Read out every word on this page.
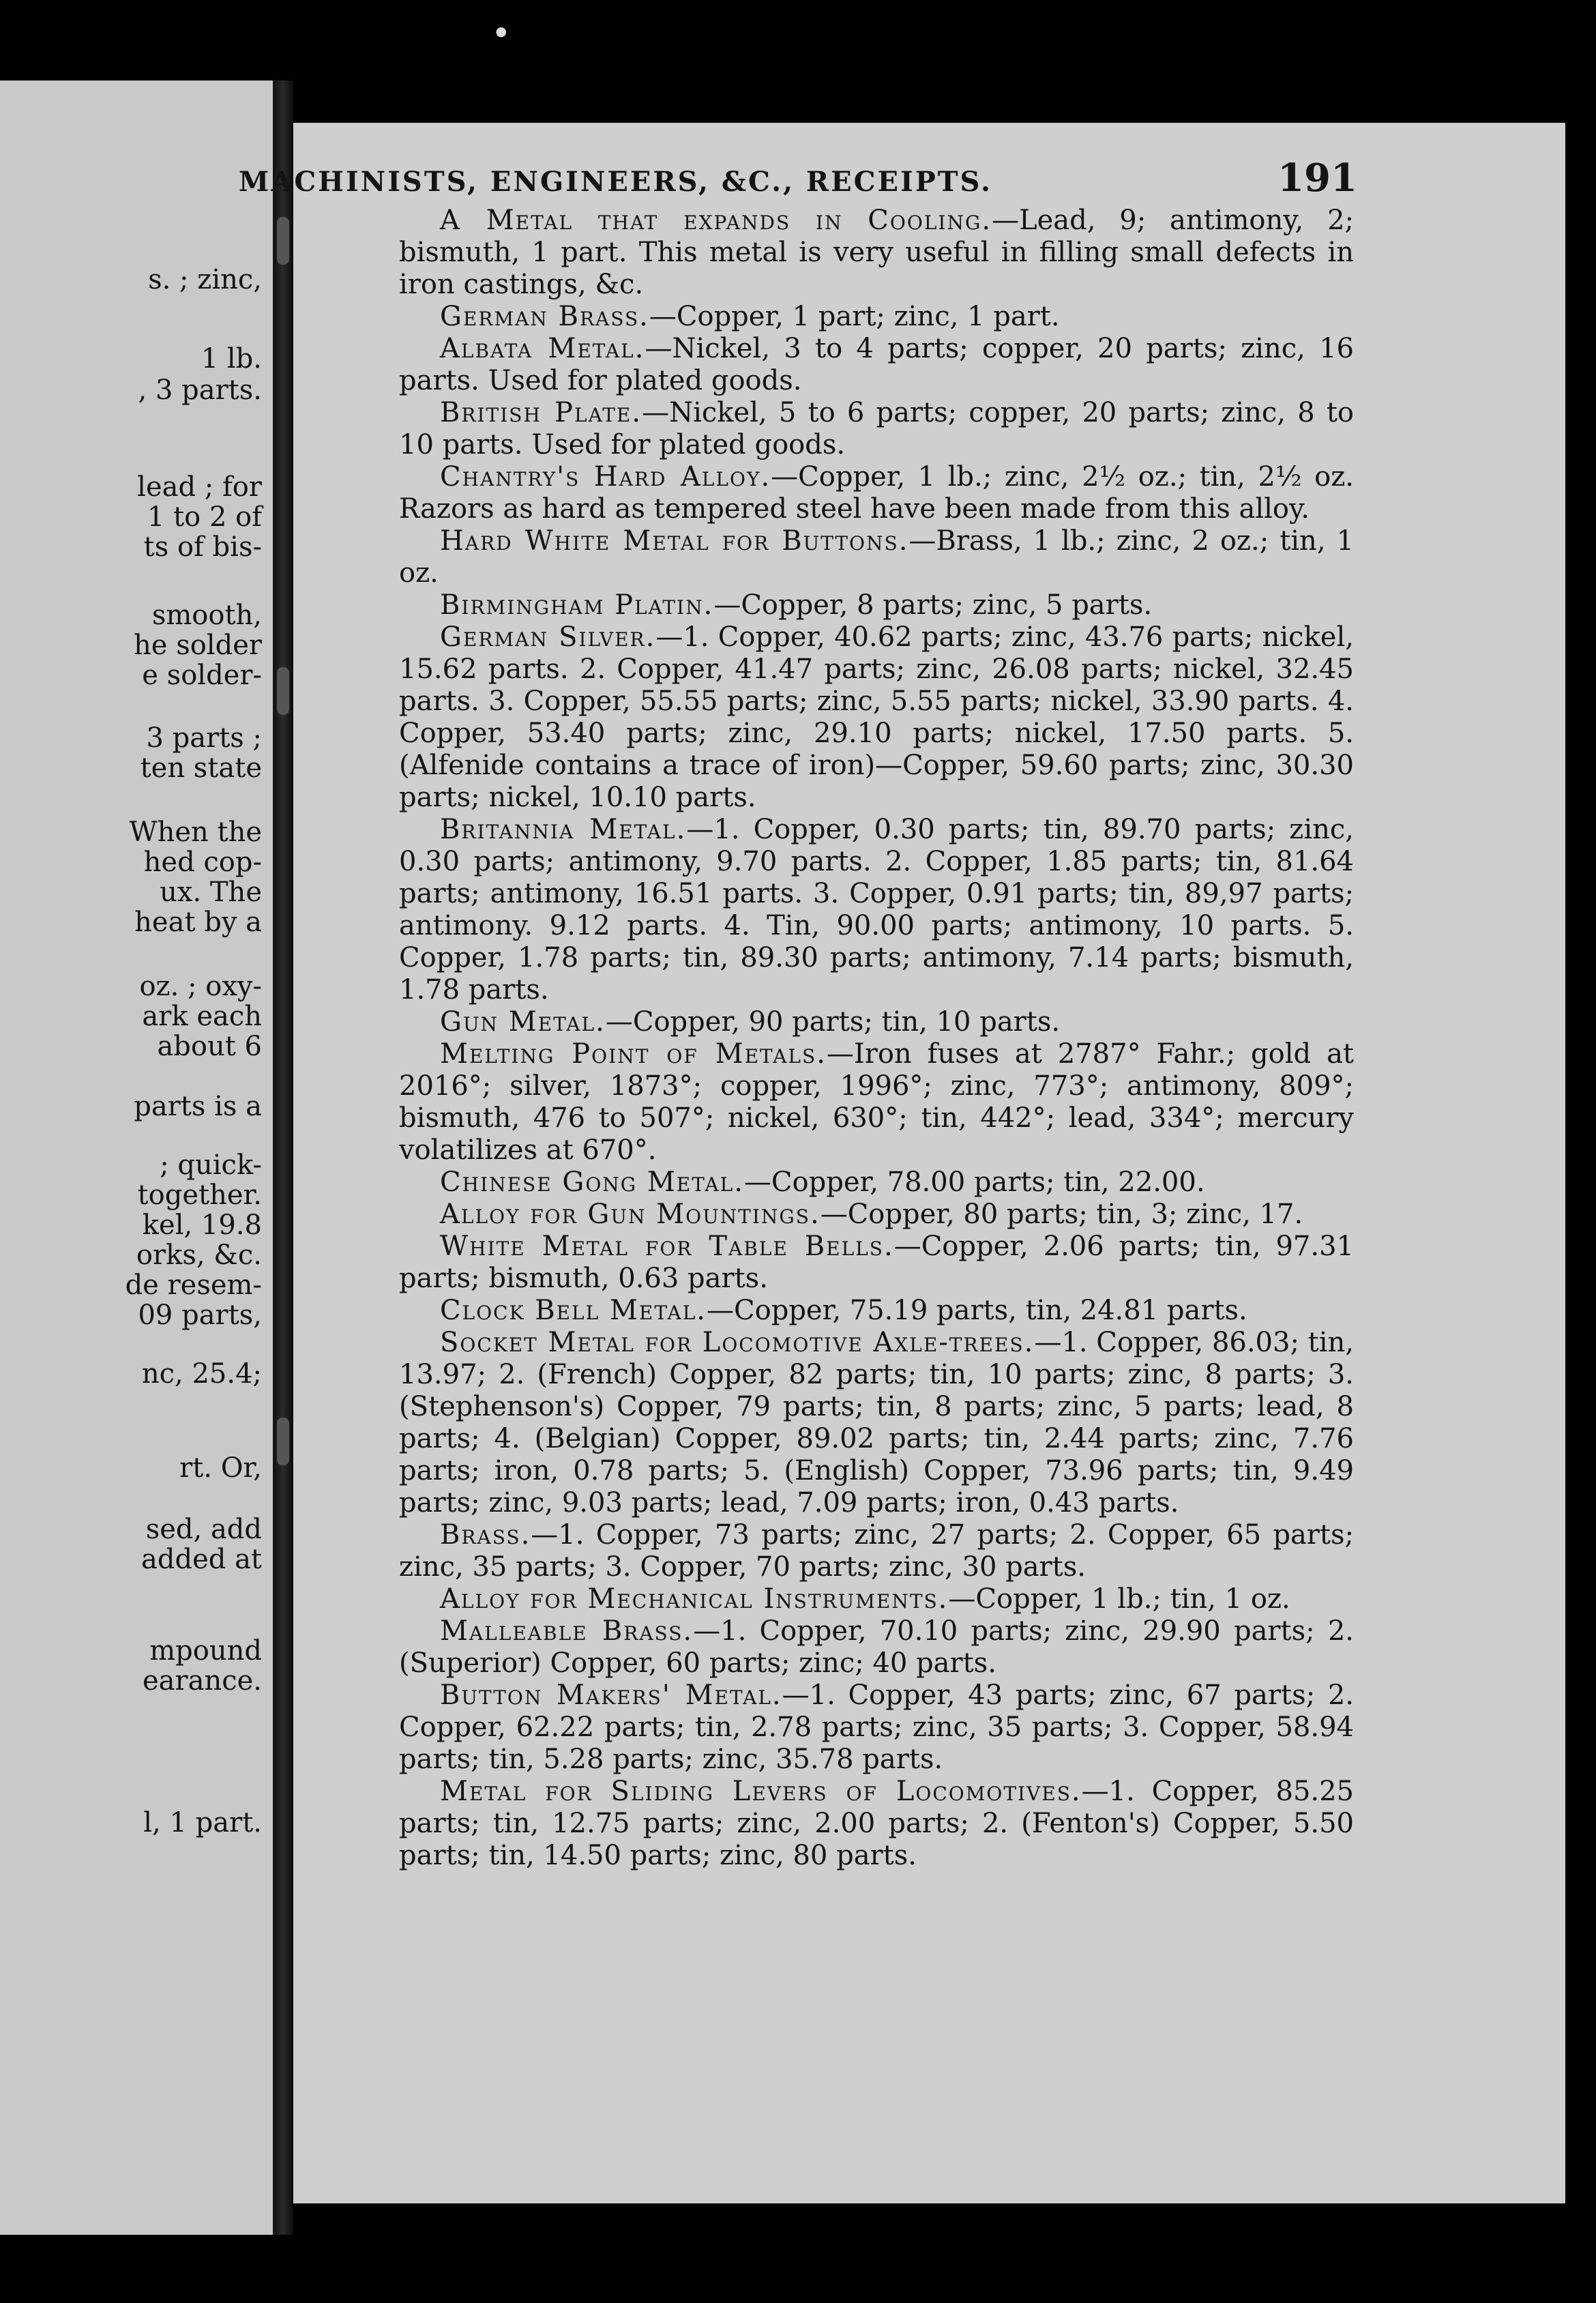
s. ; zinc,
1 lb.
, 3 parts.
lead ; for
1 to 2 of
ts of bis-
smooth,
he solder
e solder-
3 parts ;
ten state
When the
hed cop-
ux. The
heat by a
oz. ; oxy-
ark each
about 6
parts is a
; quick-
together.
kel, 19.8
orks, &c.
de resem-
09 parts,
nc, 25.4;
rt. Or,
sed, add
added at
mpound
earance.
l, 1 part.
MACHINISTS, ENGINEERS, &C., RECEIPTS.	191

A Metal that expands in Cooling.—Lead, 9; antimony, 2; bismuth, 1 part. This metal is very useful in filling small defects in iron castings, &c.

German Brass.—Copper, 1 part; zinc, 1 part.

Albata Metal.—Nickel, 3 to 4 parts; copper, 20 parts; zinc, 16 parts. Used for plated goods.

British Plate.—Nickel, 5 to 6 parts; copper, 20 parts; zinc, 8 to 10 parts. Used for plated goods.

Chantry's Hard Alloy.—Copper, 1 lb.; zinc, 2½ oz.; tin, 2½ oz. Razors as hard as tempered steel have been made from this alloy.

Hard White Metal for Buttons.—Brass, 1 lb.; zinc, 2 oz.; tin, 1 oz.

Birmingham Platin.—Copper, 8 parts; zinc, 5 parts.

German Silver.—1. Copper, 40.62 parts; zinc, 43.76 parts; nickel, 15.62 parts. 2. Copper, 41.47 parts; zinc, 26.08 parts; nickel, 32.45 parts. 3. Copper, 55.55 parts; zinc, 5.55 parts; nickel, 33.90 parts. 4. Copper, 53.40 parts; zinc, 29.10 parts; nickel, 17.50 parts. 5. (Alfenide contains a trace of iron)—Copper, 59.60 parts; zinc, 30.30 parts; nickel, 10.10 parts.

Britannia Metal.—1. Copper, 0.30 parts; tin, 89.70 parts; zinc, 0.30 parts; antimony, 9.70 parts. 2. Copper, 1.85 parts; tin, 81.64 parts; antimony, 16.51 parts. 3. Copper, 0.91 parts; tin, 89,97 parts; antimony. 9.12 parts. 4. Tin, 90.00 parts; antimony, 10 parts. 5. Copper, 1.78 parts; tin, 89.30 parts; antimony, 7.14 parts; bismuth, 1.78 parts.

Gun Metal.—Copper, 90 parts; tin, 10 parts.

Melting Point of Metals.—Iron fuses at 2787° Fahr.; gold at 2016°; silver, 1873°; copper, 1996°; zinc, 773°; antimony, 809°; bismuth, 476 to 507°; nickel, 630°; tin, 442°; lead, 334°; mercury volatilizes at 670°.

Chinese Gong Metal.—Copper, 78.00 parts; tin, 22.00.

Alloy for Gun Mountings.—Copper, 80 parts; tin, 3; zinc, 17.

White Metal for Table Bells.—Copper, 2.06 parts; tin, 97.31 parts; bismuth, 0.63 parts.

Clock Bell Metal.—Copper, 75.19 parts, tin, 24.81 parts.

Socket Metal for Locomotive Axle-trees.—1. Copper, 86.03; tin, 13.97; 2. (French) Copper, 82 parts; tin, 10 parts; zinc, 8 parts; 3. (Stephenson's) Copper, 79 parts; tin, 8 parts; zinc, 5 parts; lead, 8 parts; 4. (Belgian) Copper, 89.02 parts; tin, 2.44 parts; zinc, 7.76 parts; iron, 0.78 parts; 5. (English) Copper, 73.96 parts; tin, 9.49 parts; zinc, 9.03 parts; lead, 7.09 parts; iron, 0.43 parts.

Brass.—1. Copper, 73 parts; zinc, 27 parts; 2. Copper, 65 parts; zinc, 35 parts; 3. Copper, 70 parts; zinc, 30 parts.

Alloy for Mechanical Instruments.—Copper, 1 lb.; tin, 1 oz.

Malleable Brass.—1. Copper, 70.10 parts; zinc, 29.90 parts; 2. (Superior) Copper, 60 parts; zinc; 40 parts.

Button Makers' Metal.—1. Copper, 43 parts; zinc, 67 parts; 2. Copper, 62.22 parts; tin, 2.78 parts; zinc, 35 parts; 3. Copper, 58.94 parts; tin, 5.28 parts; zinc, 35.78 parts.

Metal for Sliding Levers of Locomotives.—1. Copper, 85.25 parts; tin, 12.75 parts; zinc, 2.00 parts; 2. (Fenton's) Copper, 5.50 parts; tin, 14.50 parts; zinc, 80 parts.

•
